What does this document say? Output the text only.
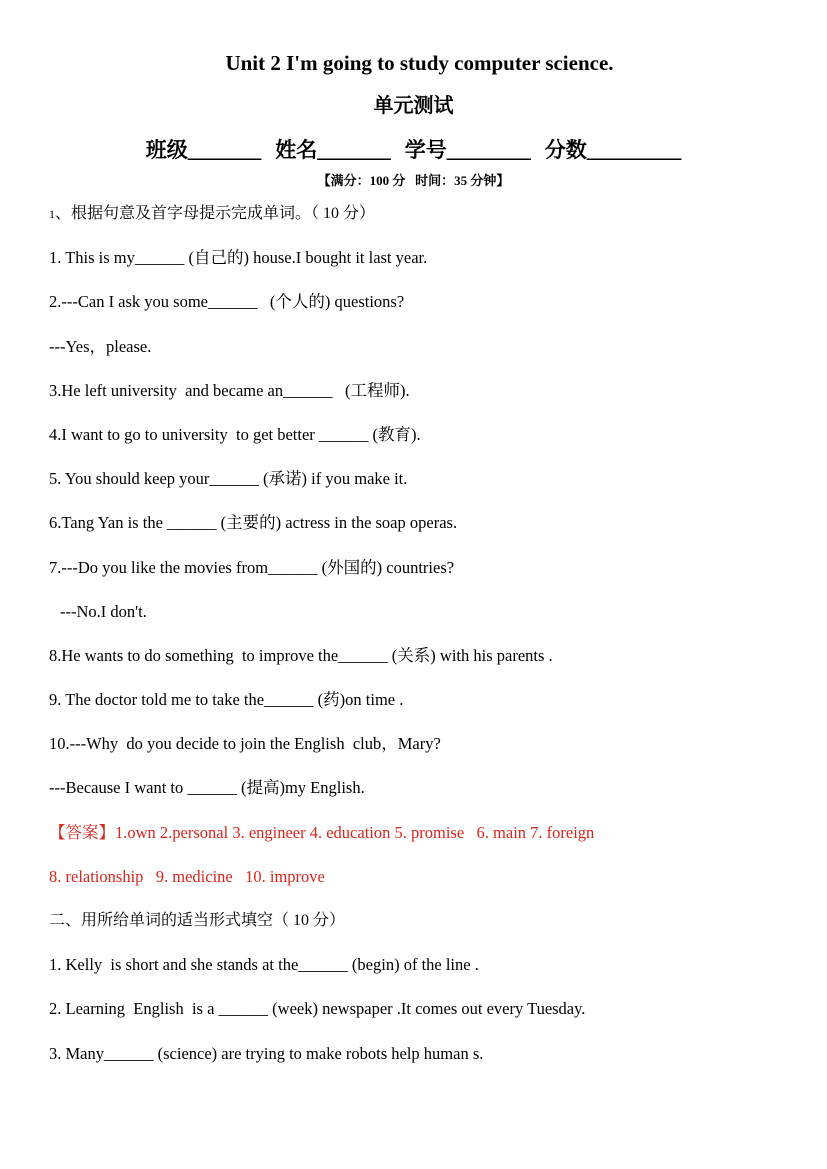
Unit 2 I'm going to study computer science.
单元测试
班级_______ 姓名_______ 学号________ 分数_________
【满分：100 分   时间：35 分钟】
1、根据句意及首字母提示完成单词。（ 10 分）
1. This is my______ (自己的) house.I bought it last year.
2.---Can I ask you some______   (个人的) questions?
---Yes，please.
3.He left university  and became an______   (工程师).
4.I want to go to university  to get better ______ (教育).
5. You should keep your______ (承诺) if you make it.
6.Tang Yan is the ______ (主要的) actress in the soap operas.
7.---Do you like the movies from______ (外国的) countries?
---No.I don't.
8.He wants to do something  to improve the______ (关系) with his parents .
9. The doctor told me to take the______ (药)on time .
10.---Why  do you decide to join the English  club，Mary?
---Because I want to ______ (提高)my English.
【答案】1.own 2.personal 3. engineer 4. education 5. promise   6. main 7. foreign
8. relationship   9. medicine   10. improve
二、用所给单词的适当形式填空（ 10 分）
1. Kelly  is short and she stands at the______ (begin) of the line .
2. Learning  English  is a ______ (week) newspaper .It comes out every Tuesday.
3. Many______ (science) are trying to make robots help human s.
